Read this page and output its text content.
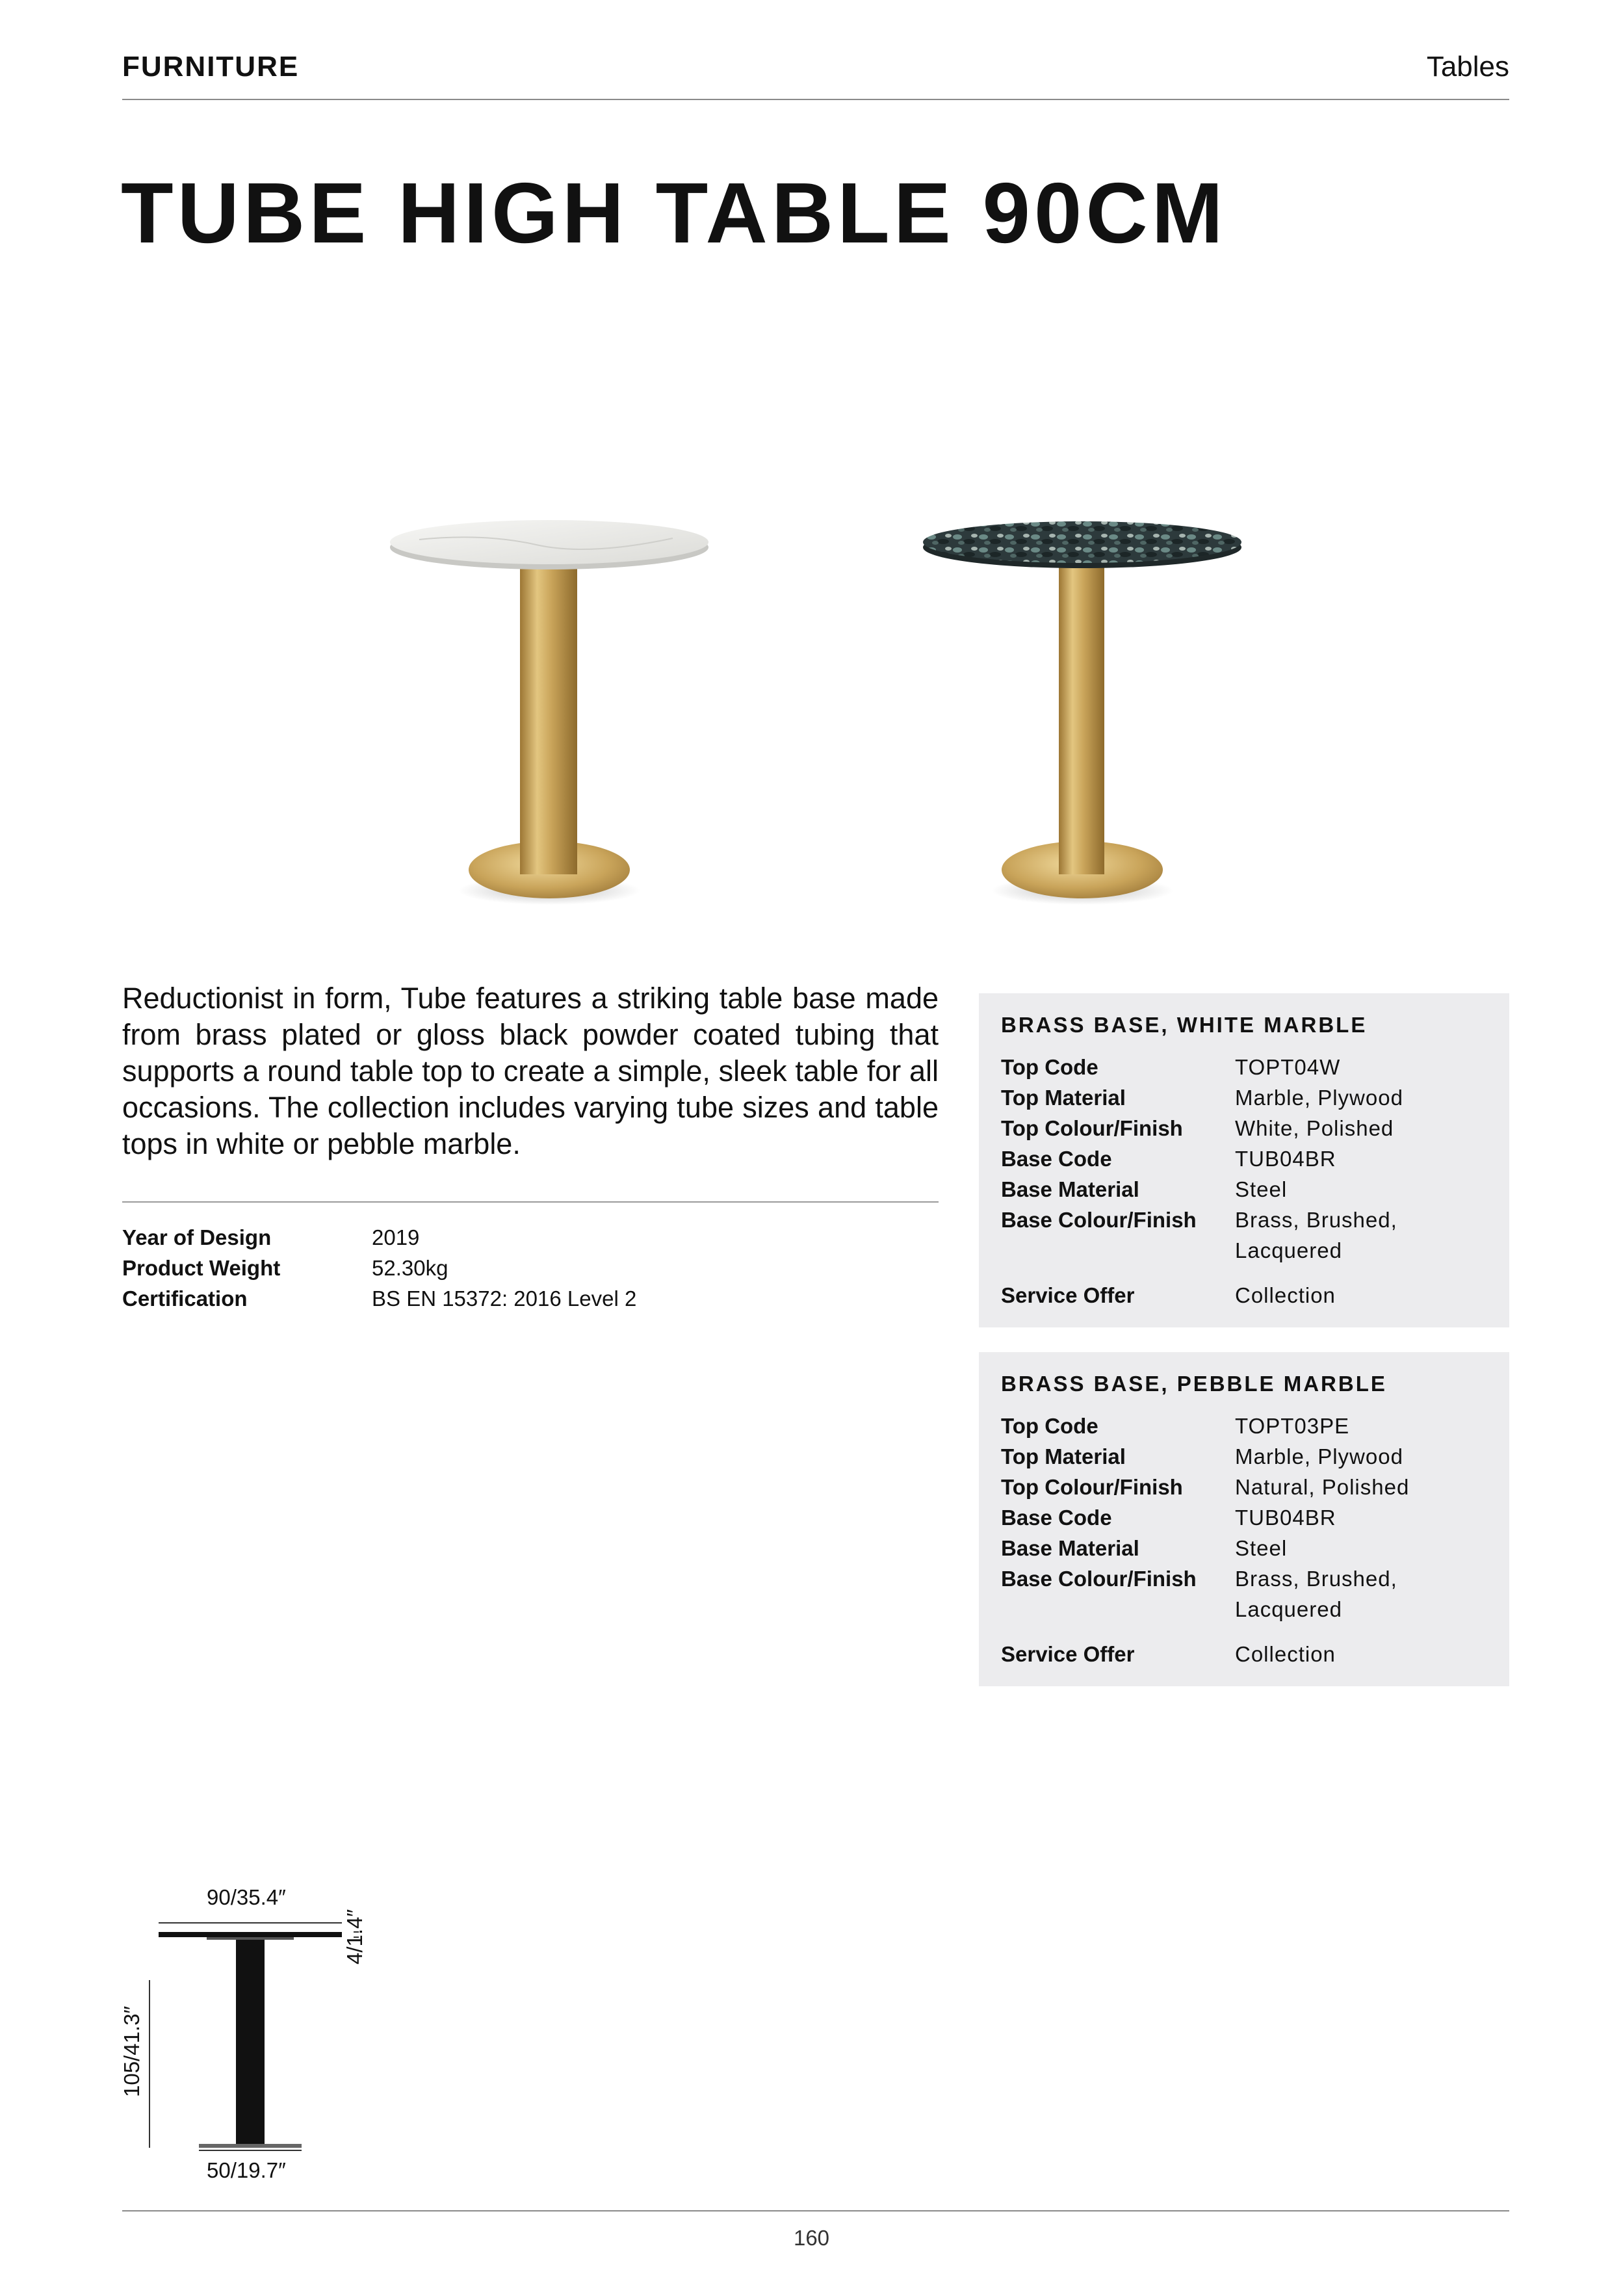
FURNITURE	Tables
TUBE HIGH TABLE 90CM

Reductionist in form, Tube features a striking table base made from brass plated or gloss black powder coated tubing that supports a round table top to create a simple, sleek table for all occasions. The collection includes varying tube sizes and table tops in white or pebble marble.

Year of Design	2019
Product Weight	52.30kg
Certification	BS EN 15372: 2016 Level 2
BRASS BASE, WHITE MARBLE
Top Code	TOPT04W
Top Material	Marble, Plywood
Top Colour/Finish	White, Polished
Base Code	TUB04BR
Base Material	Steel
Base Colour/Finish	Brass, Brushed, Lacquered
Service Offer	Collection
BRASS BASE, PEBBLE MARBLE
Top Code	TOPT03PE
Top Material	Marble, Plywood
Top Colour/Finish	Natural, Polished
Base Code	TUB04BR
Base Material	Steel
Base Colour/Finish	Brass, Brushed, Lacquered
Service Offer	Collection
90/35.4″
4/1.4″
105/41.3″
50/19.7″
160
